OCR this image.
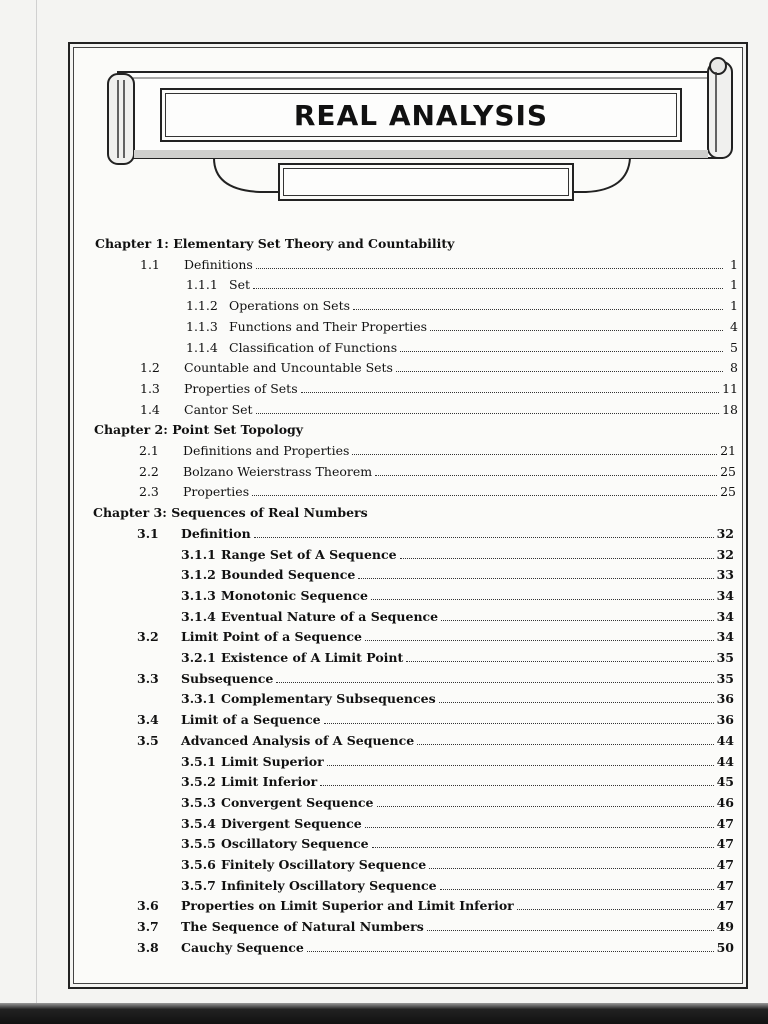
REAL ANALYSIS
Chapter 1: Elementary Set Theory and Countability
1.1	Definitions	1
1.1.1 Set	1
1.1.2 Operations on Sets	1
1.1.3 Functions and Their Properties	4
1.1.4 Classification of Functions	5
1.2	Countable and Uncountable Sets	8
1.3	Properties of Sets	11
1.4	Cantor Set	18
Chapter 2: Point Set Topology
2.1	Definitions and Properties	21
2.2	Bolzano Weierstrass Theorem	25
2.3	Properties	25
Chapter 3: Sequences of Real Numbers
3.1	Definition	32
3.1.1 Range Set of A Sequence	32
3.1.2 Bounded Sequence	33
3.1.3 Monotonic Sequence	34
3.1.4 Eventual Nature of a Sequence	34
3.2	Limit Point of a Sequence	34
3.2.1 Existence of A Limit Point	35
3.3	Subsequence	35
3.3.1 Complementary Subsequences	36
3.4	Limit of a Sequence	36
3.5	Advanced Analysis of A Sequence	44
3.5.1 Limit Superior	44
3.5.2 Limit Inferior	45
3.5.3 Convergent Sequence	46
3.5.4 Divergent Sequence	47
3.5.5 Oscillatory Sequence	47
3.5.6 Finitely Oscillatory Sequence	47
3.5.7 Infinitely Oscillatory Sequence	47
3.6	Properties on Limit Superior and Limit Inferior	47
3.7	The Sequence of Natural Numbers	49
3.8	Cauchy Sequence	50
